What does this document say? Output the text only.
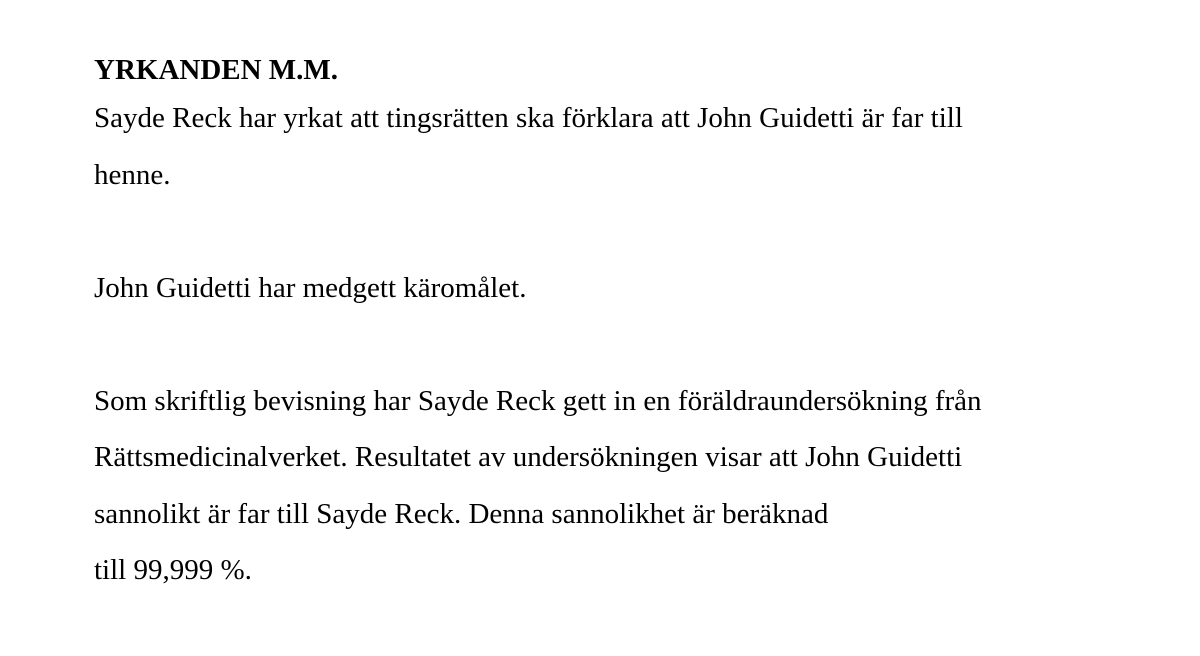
YRKANDEN M.M.

Sayde Reck har yrkat att tingsrätten ska förklara att John Guidetti är far till

henne.

John Guidetti har medgett käromålet.

Som skriftlig bevisning har Sayde Reck gett in en föräldraundersökning från

Rättsmedicinalverket. Resultatet av undersökningen visar att John Guidetti

sannolikt är far till Sayde Reck. Denna sannolikhet är beräknad

till 99,999 %.
